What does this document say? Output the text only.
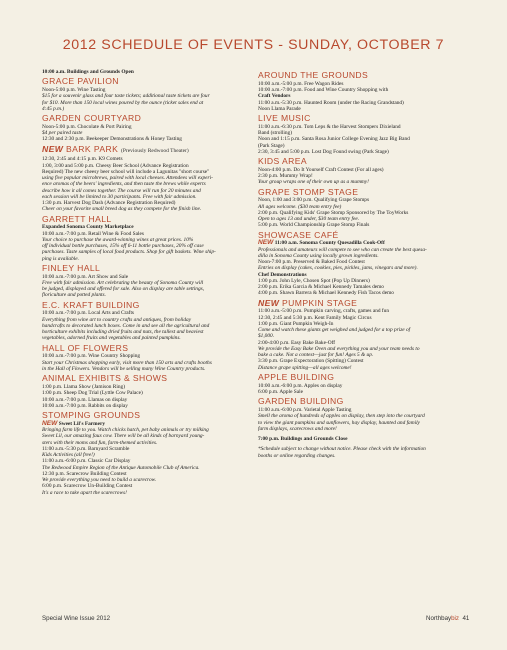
2012 SCHEDULE OF EVENTS - SUNDAY, OCTOBER 7
10:00 a.m. Buildings and Grounds Open
GRACE PAVILION
Noon-5:00 p.m. Wine Tasting
$15 for a souvenir glass and four taste tickets; additional taste tickets are four
for $10. More than 150 local wines poured by the ounce (ticket sales end at
4:45 p.m.)
GARDEN COURTYARD
Noon-5:00 p.m. Chocolate & Port Pairing
$4 per paired taste
12:30 and 2:30 p.m. Beekeeper Demonstrations & Honey Tasting
NEW BARK PARK (Previously Redwood Theater)
12:30, 2:45 and 4:15 p.m. K9 Comets
1:00, 3:00 and 5:00 p.m. Cheesy Beer School (Advance Registration
Required) The new cheesy beer school will include a Lagunitas "short course"
using five popular microbrews, paired with local cheeses. Attendees will experi-
ence aromas of the beers' ingredients, and then taste the brews while experts
describe how it all comes together. The course will run for 20 minutes and
each session will be limited to 30 participants. Free with fair admission.
1:30 p.m. Harvest Dog Dash (Advance Registration Required)
Cheer on your favorite small breed dog as they compete for the finish line.
GARRETT HALL
Expanded Sonoma County Marketplace
10:00 a.m.-7:00 p.m. Retail Wine & Food Sales
Your choice to purchase the award-winning wines at great prices. 10%
off individual bottle purchases, 15% off 6-11 bottle purchases, 20% off case
purchases. Taste samples of local food products. Shop for gift baskets. Wine ship-
ping is available.
FINLEY HALL
10:00 a.m.-7:00 p.m. Art Show and Sale
Free with fair admission. Art celebrating the beauty of Sonoma County will
be judged, displayed and offered for sale. Also on display are table settings,
floriculture and potted plants.
E.C. KRAFT BUILDING
10:00 a.m.-7:00 p.m. Local Arts and Crafts
Everything from wine art to country crafts and antiques, from holiday
handcrafts to decorated lunch boxes. Come in and see all the agricultural and
horticulture exhibits including dried fruits and nuts, the tallest and heaviest
vegetables, adorned fruits and vegetables and painted pumpkins.
HALL OF FLOWERS
10:00 a.m.-7:00 p.m. Wine Country Shopping
Start your Christmas shopping early, visit more than 150 arts and crafts booths
in the Hall of Flowers. Vendors will be selling many Wine Country products.
ANIMAL EXHIBITS & SHOWS
1:00 p.m. Llama Show (Jamison Ring)
1:00 p.m. Sheep Dog Trial (Lyttle Cow Palace)
10:00 a.m.-7:00 p.m. Llamas on display
10:00 a.m.-7:00 p.m. Rabbits on display
STOMPING GROUNDS
NEW Sweet Lil's Farmery
Bringing farm life to you. Watch chicks hatch, pet baby animals or try milking
Sweet Lil, our amazing faux cow. There will be all kinds of barnyard young-
sters with their moms and fun, farm-themed activities.
11:00 a.m.-5:30 p.m. Barnyard Scramble
Kids Activities (all free!)
11:00 a.m.-6:00 p.m. Classic Car Display
The Redwood Empire Region of the Antique Automobile Club of America.
12:30 p.m. Scarecrow Building Contest
We provide everything you need to build a scarecrow.
6:00 p.m. Scarecrow Un-Building Contest
It's a race to take apart the scarecrows!
AROUND THE GROUNDS
10:00 a.m.-5:00 p.m. Free Wagon Rides
10:00 a.m.-7:00 p.m. Food and Wine Country Shopping with
Craft Vendors
11:00 a.m.-5:30 p.m. Haunted Room (under the Racing Grandstand)
Noon Llama Parade
LIVE MUSIC
11:00 a.m.-6:30 p.m. Tom Leps & the Harvest Stompers Dixieland
Band (strolling)
Noon and 1:15 p.m. Santa Rosa Junior College Evening Jazz Big Band
(Park Stage)
2:30, 3:45 and 5:00 p.m. Lost Dog Found swing (Park Stage)
KIDS AREA
Noon-4:00 p.m. Do It Yourself Craft Contest (For all ages)
2:30 p.m. Mummy Wrap!
Your group wraps one of their own up as a mummy!
GRAPE STOMP STAGE
Noon, 1:00 and 3:00 p.m. Qualifying Grape Stomps
All ages welcome. ($30 team entry fee)
2:00 p.m. Qualifying Kids' Grape Stomp Sponsored by The ToyWorks
Open to ages 13 and under, $30 team entry fee.
5:00 p.m. World Championship Grape Stomp Finals
SHOWCASE CAFÉ
NEW 11:00 a.m. Sonoma County Quesadilla Cook-Off
Professionals and amateurs will compete to see who can create the best quesa-
dilla in Sonoma County using locally grown ingredients.
Noon-7:00 p.m. Preserved & Baked Food Contest
Entries on display (cakes, cookies, pies, pickles, jams, vinegars and more).
Chef Demonstrations
1:00 p.m. John Lyle, Chosen Spot (Pop Up Dinners)
2:00 p.m. Erika Garcia & Michael Kennedy Tamales demo
4:00 p.m. Shawn Barrera & Michael Kennedy Fish Tacos demo
NEW PUMPKIN STAGE
11:00 a.m.-5:00 p.m. Pumpkin carving, crafts, games and fun
12:30, 2:45 and 5:30 p.m. Kent Family Magic Circus
1:00 p.m. Giant Pumpkin Weigh-In
Come and watch these giants get weighed and judged for a top prize of
$1,000.
2:00-4:00 p.m. Easy Bake Bake-Off
We provide the Easy Bake Oven and everything you and your team needs to
bake a cake. Not a contest—just for fun! Ages 5 & up.
3:30 p.m. Grape Expectoration (Spitting) Contest
Distance grape spitting—all ages welcome!
APPLE BUILDING
10:00 a.m.-6:00 p.m. Apples on display
6:00 p.m. Apple Sale
GARDEN BUILDING
11:00 a.m.-6:00 p.m. Varietal Apple Tasting
Smell the aroma of hundreds of apples on display, then step into the courtyard
to view the giant pumpkins and sunflowers, hay display, haunted and family
farm displays, scarecrows and more!
7:00 p.m. Buildings and Grounds Close
*Schedule subject to change without notice. Please check with the information
booths or online regarding changes.
Special Wine Issue 2012	Northbaybiz 41
